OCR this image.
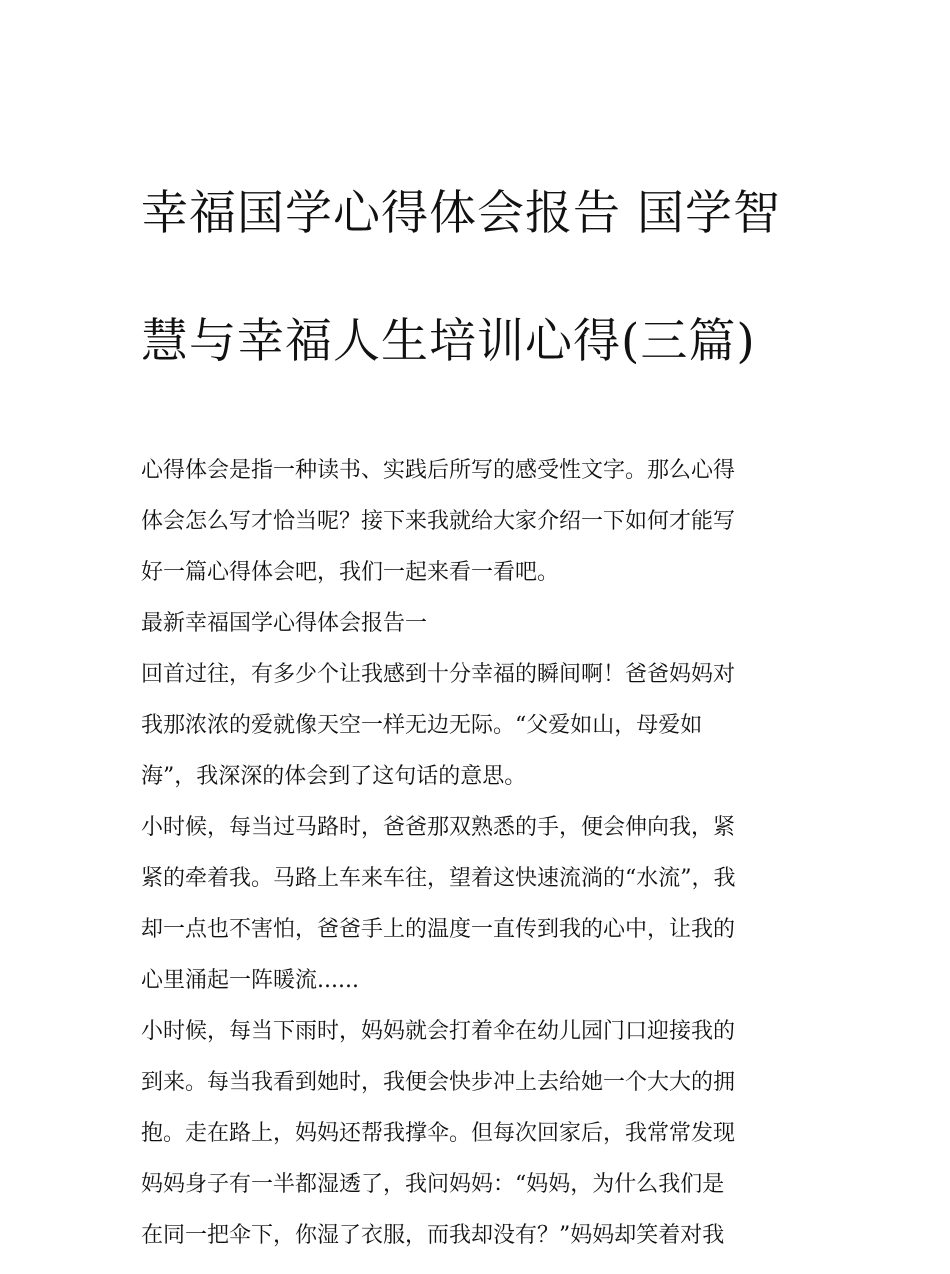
幸福国学心得体会报告 国学智

慧与幸福人生培训心得(三篇)

心得体会是指一种读书、实践后所写的感受性文字。那么心得
体会怎么写才恰当呢？接下来我就给大家介绍一下如何才能写
好一篇心得体会吧，我们一起来看一看吧。
最新幸福国学心得体会报告一
回首过往，有多少个让我感到十分幸福的瞬间啊！爸爸妈妈对
我那浓浓的爱就像天空一样无边无际。“父爱如山，母爱如
海”，我深深的体会到了这句话的意思。
小时候，每当过马路时，爸爸那双熟悉的手，便会伸向我，紧
紧的牵着我。马路上车来车往，望着这快速流淌的“水流”，我
却一点也不害怕，爸爸手上的温度一直传到我的心中，让我的
心里涌起一阵暖流......
小时候，每当下雨时，妈妈就会打着伞在幼儿园门口迎接我的
到来。每当我看到她时，我便会快步冲上去给她一个大大的拥
抱。走在路上，妈妈还帮我撑伞。但每次回家后，我常常发现
妈妈身子有一半都湿透了，我问妈妈：“妈妈，为什么我们是
在同一把伞下，你湿了衣服，而我却没有？”妈妈却笑着对我
